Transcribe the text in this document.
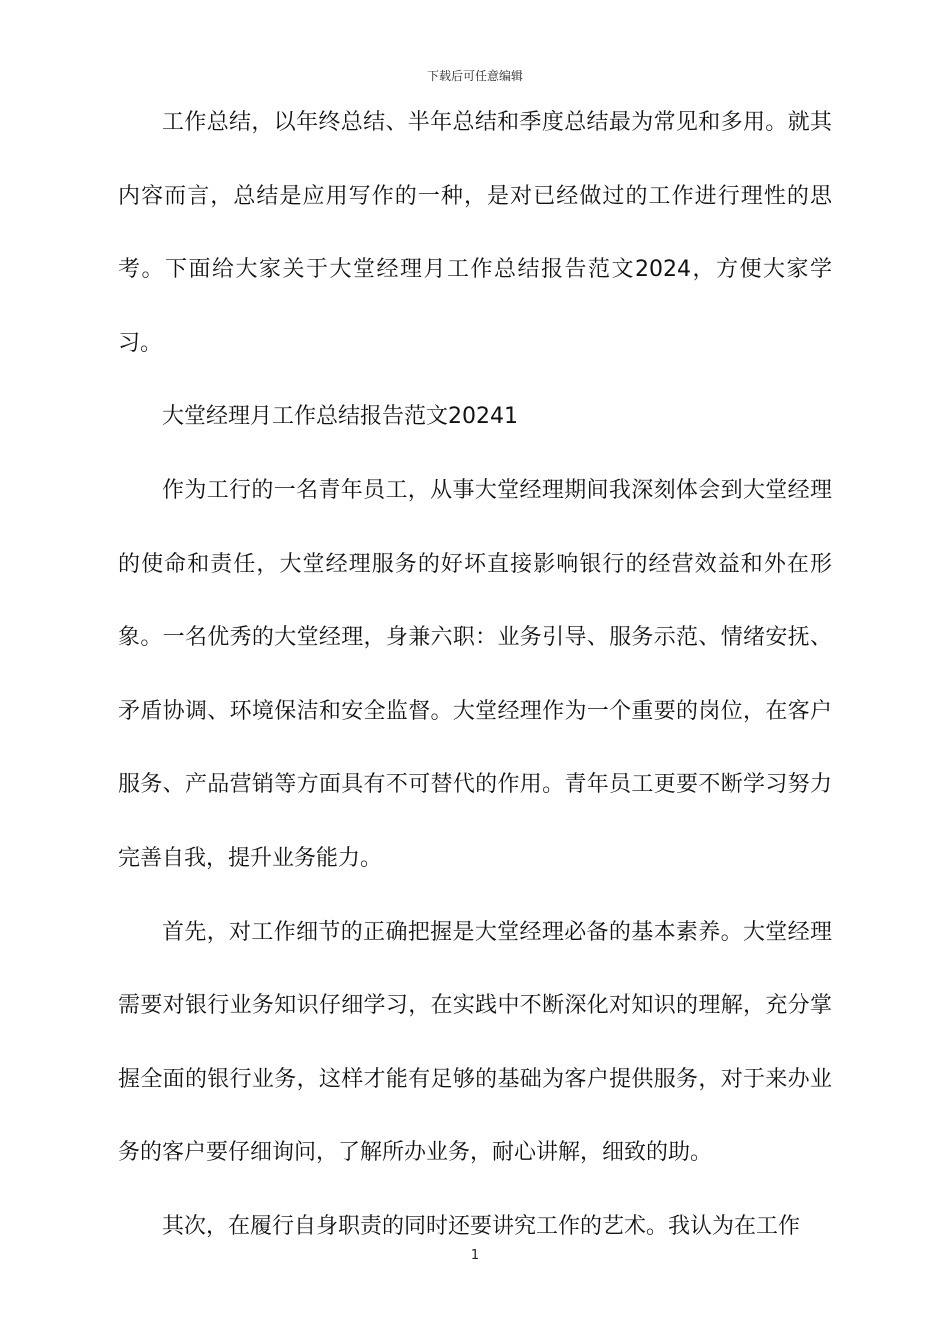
下载后可任意编辑

工作总结，以年终总结、半年总结和季度总结最为常见和多用。就其内容而言，总结是应用写作的一种，是对已经做过的工作进行理性的思考。下面给大家关于大堂经理月工作总结报告范文2024，方便大家学习。

大堂经理月工作总结报告范文20241

作为工行的一名青年员工，从事大堂经理期间我深刻体会到大堂经理的使命和责任，大堂经理服务的好坏直接影响银行的经营效益和外在形象。一名优秀的大堂经理，身兼六职：业务引导、服务示范、情绪安抚、矛盾协调、环境保洁和安全监督。大堂经理作为一个重要的岗位，在客户服务、产品营销等方面具有不可替代的作用。青年员工更要不断学习努力完善自我，提升业务能力。

首先，对工作细节的正确把握是大堂经理必备的基本素养。大堂经理需要对银行业务知识仔细学习，在实践中不断深化对知识的理解，充分掌握全面的银行业务，这样才能有足够的基础为客户提供服务，对于来办业务的客户要仔细询问，了解所办业务，耐心讲解，细致的助。

其次，在履行自身职责的同时还要讲究工作的艺术。我认为在工作

1
